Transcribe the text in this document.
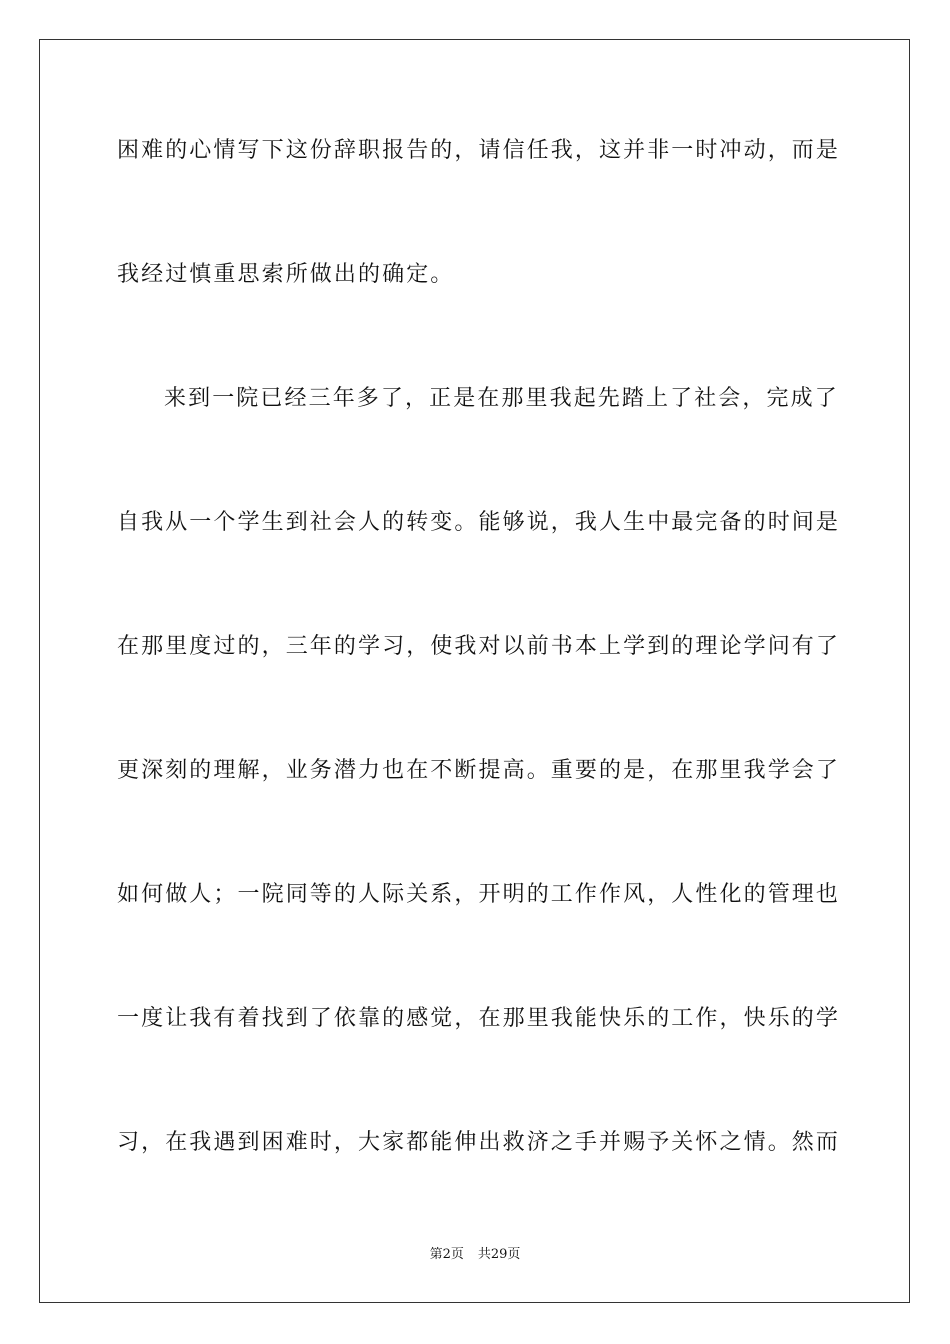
困难的心情写下这份辞职报告的，请信任我，这并非一时冲动，而是
我经过慎重思索所做出的确定。
来到一院已经三年多了，正是在那里我起先踏上了社会，完成了
自我从一个学生到社会人的转变。能够说，我人生中最完备的时间是
在那里度过的，三年的学习，使我对以前书本上学到的理论学问有了
更深刻的理解，业务潜力也在不断提高。重要的是，在那里我学会了
如何做人；一院同等的人际关系，开明的工作作风，人性化的管理也
一度让我有着找到了依靠的感觉，在那里我能快乐的工作，快乐的学
习，在我遇到困难时，大家都能伸出救济之手并赐予关怀之情。然而
第2页 共29页
